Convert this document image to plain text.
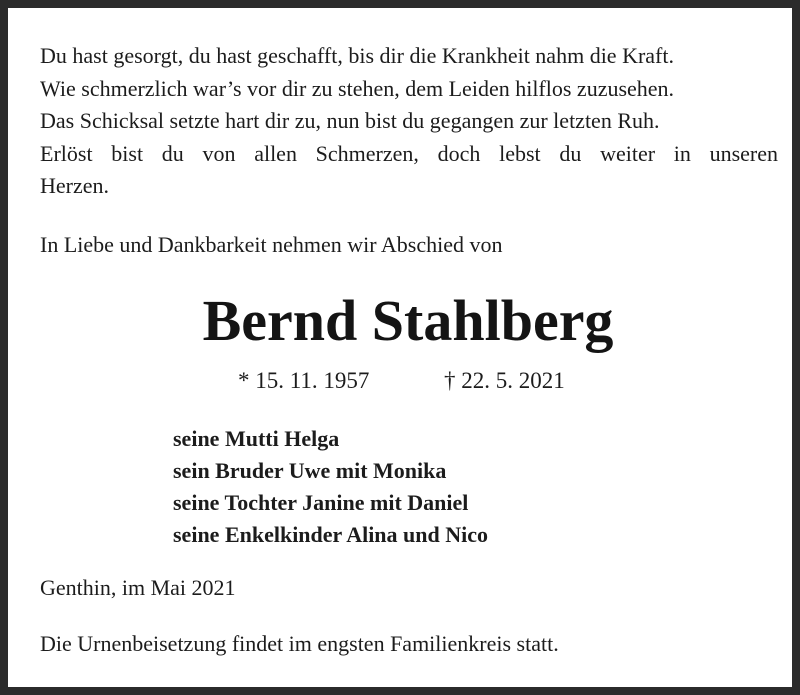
Du hast gesorgt, du hast geschafft, bis dir die Krankheit nahm die Kraft.
Wie schmerzlich war’s vor dir zu stehen, dem Leiden hilflos zuzusehen.
Das Schicksal setzte hart dir zu, nun bist du gegangen zur letzten Ruh.
Erlöst bist du von allen Schmerzen, doch lebst du weiter in unseren
Herzen.

In Liebe und Dankbarkeit nehmen wir Abschied von

Bernd Stahlberg
* 15. 11. 1957	† 22. 5. 2021
seine Mutti Helga
sein Bruder Uwe mit Monika
seine Tochter Janine mit Daniel
seine Enkelkinder Alina und Nico

Genthin, im Mai 2021

Die Urnenbeisetzung findet im engsten Familienkreis statt.
